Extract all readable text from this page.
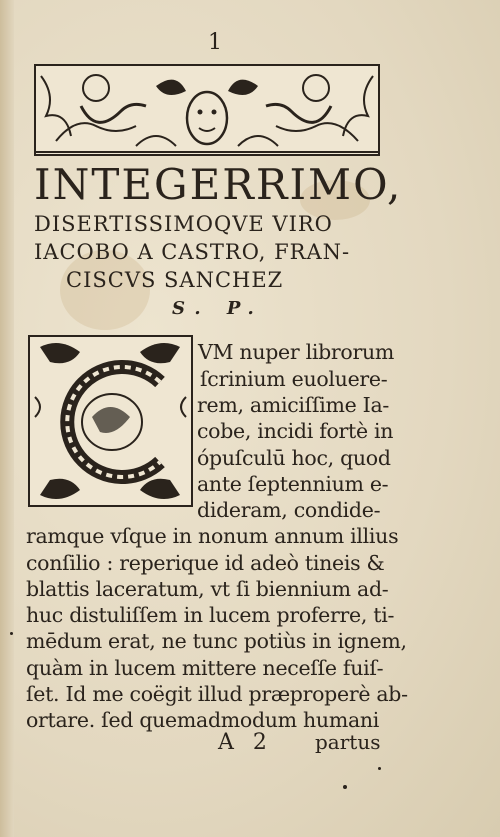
1
INTEGERRIMO,
DISERTISSIMOQVE VIRO
IACOBO A CASTRO, FRAN-
CISCVS SANCHEZ
S. P.
VM nuper librorum
ſcrinium euoluere-
rem, amiciſſime Ia-
cobe, incidi fortè in
ópuſculū hoc, quod
ante ſeptennium e-
dideram, condide-
ramque vſque in nonum annum illius
conſilio : reperique id adeò tineis &
blattis laceratum, vt ſi biennium ad-
huc distuliſſem in lucem proferre, ti-
mēdum erat, ne tunc potiùs in ignem,
quàm in lucem mittere neceſſe fuiſ-
ſet. Id me coëgit illud præproperè ab-
ortare. ſed quemadmodum humani
A 2 partus
